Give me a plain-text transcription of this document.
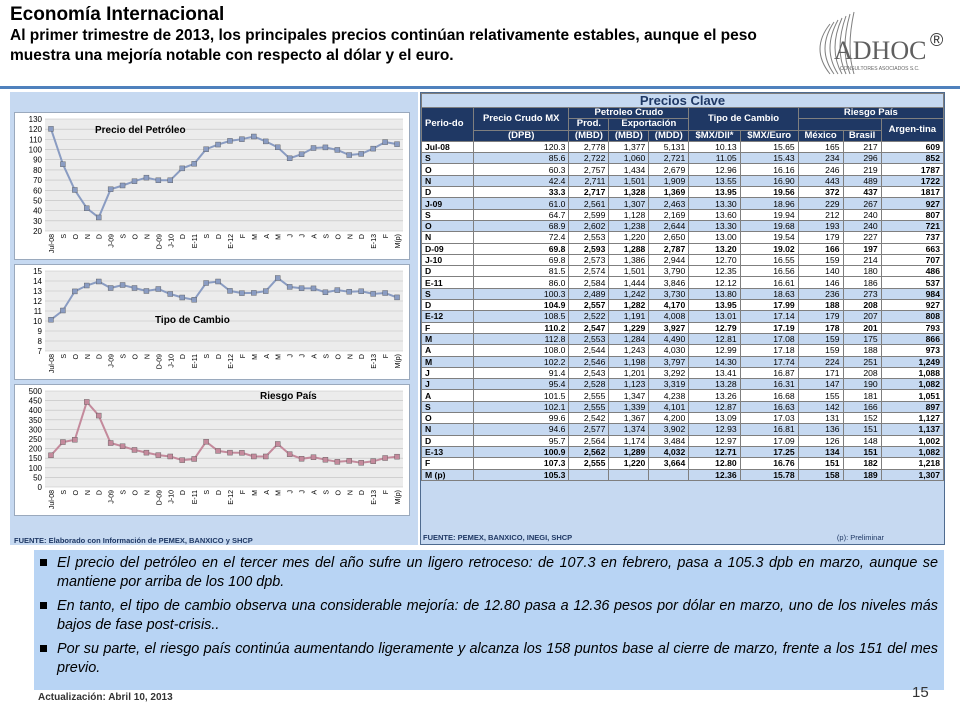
Economía Internacional
Al primer trimestre de 2013, los principales precios continúan relativamente estables, aunque el peso muestra una mejoría notable con respecto al dólar y el euro.	ADHOC ®
CONSULTORES ASOCIADOS S.C.
20
30
40
50
60
70
80
90
100
110
120
130
Jul-08 S O N D J-09 S O N D-09 J-10 D E-11 S D E-12 F M A M J J A S O N D E-13 F M(p)
Precio del Petróleo
7
8
9
10
11
12
13
14
15
Jul-08 S O N D J-09 S O N D-09 J-10 D E-11 S D E-12 F M A M J J A S O N D E-13 F M(p)
Tipo de Cambio
0
50
100
150
200
250
300
350
400
450
500
Jul-08 S O N D J-09 S O N D-09 J-10 D E-11 S D E-12 F M A M J J A S O N D E-13 F M(p)
Riesgo País
Precios Clave									
Perio-do	Precio Crudo MX	Petroleo Crudo			Tipo de Cambio		Riesgo País		
		Prod.	Exportación						Argen-tina
	(DPB)	(MBD)	(MBD)	(MDD)	$MX/Dll*	$MX/Euro	México	Brasil	
Jul-08	120.3	2,778	1,377	5,131	10.13	15.65	165	217	609
S	85.6	2,722	1,060	2,721	11.05	15.43	234	296	852
O	60.3	2,757	1,434	2,679	12.96	16.16	246	219	1787
N	42.4	2,711	1,501	1,909	13.55	16.90	443	489	1722
D	33.3	2,717	1,328	1,369	13.95	19.56	372	437	1817
J-09	61.0	2,561	1,307	2,463	13.30	18.96	229	267	927
S	64.7	2,599	1,128	2,169	13.60	19.94	212	240	807
O	68.9	2,602	1,238	2,644	13.30	19.68	193	240	721
N	72.4	2,553	1,220	2,650	13.00	19.54	179	227	737
D-09	69.8	2,593	1,288	2,787	13.20	19.02	166	197	663
J-10	69.8	2,573	1,386	2,944	12.70	16.55	159	214	707
D	81.5	2,574	1,501	3,790	12.35	16.56	140	180	486
E-11	86.0	2,584	1,444	3,846	12.12	16.61	146	186	537
S	100.3	2,489	1,242	3,730	13.80	18.63	236	273	984
D	104.9	2,557	1,282	4,170	13.95	17.99	188	208	927
E-12	108.5	2,522	1,191	4,008	13.01	17.14	179	207	808
F	110.2	2,547	1,229	3,927	12.79	17.19	178	201	793
M	112.8	2,553	1,284	4,490	12.81	17.08	159	175	866
A	108.0	2,544	1,243	4,030	12.99	17.18	159	188	973
M	102.2	2,546	1,198	3,797	14.30	17.74	224	251	1,249
J	91.4	2,543	1,201	3,292	13.41	16.87	171	208	1,088
J	95.4	2,528	1,123	3,319	13.28	16.31	147	190	1,082
A	101.5	2,555	1,347	4,238	13.26	16.68	155	181	1,051
S	102.1	2,555	1,339	4,101	12.87	16.63	142	166	897
O	99.6	2,542	1,367	4,200	13.09	17.03	131	152	1,127
N	94.6	2,577	1,374	3,902	12.93	16.81	136	151	1,137
D	95.7	2,564	1,174	3,484	12.97	17.09	126	148	1,002
E-13	100.9	2,562	1,289	4,032	12.71	17.25	134	151	1,082
F	107.3	2,555	1,220	3,664	12.80	16.76	151	182	1,218
M (p)	105.3				12.36	15.78	158	189	1,307
FUENTE: PEMEX, BANXICO, INEGI, SHCP	(p): Preliminar
FUENTE: Elaborado con Información de PEMEX, BANXICO y SHCP
El precio del petróleo en el tercer mes del año sufre un ligero retroceso: de 107.3 en febrero, pasa a 105.3 dpb en marzo, aunque se mantiene por arriba de los 100 dpb.
En tanto, el tipo de cambio observa una considerable mejoría: de 12.80 pasa a 12.36 pesos por dólar en marzo, uno de los niveles más bajos de fase post-crisis..
Por su parte, el riesgo país continúa aumentando ligeramente y alcanza los 158 puntos base al cierre de marzo, frente a los 151 del mes previo.
Actualización: Abril 10, 2013	15
